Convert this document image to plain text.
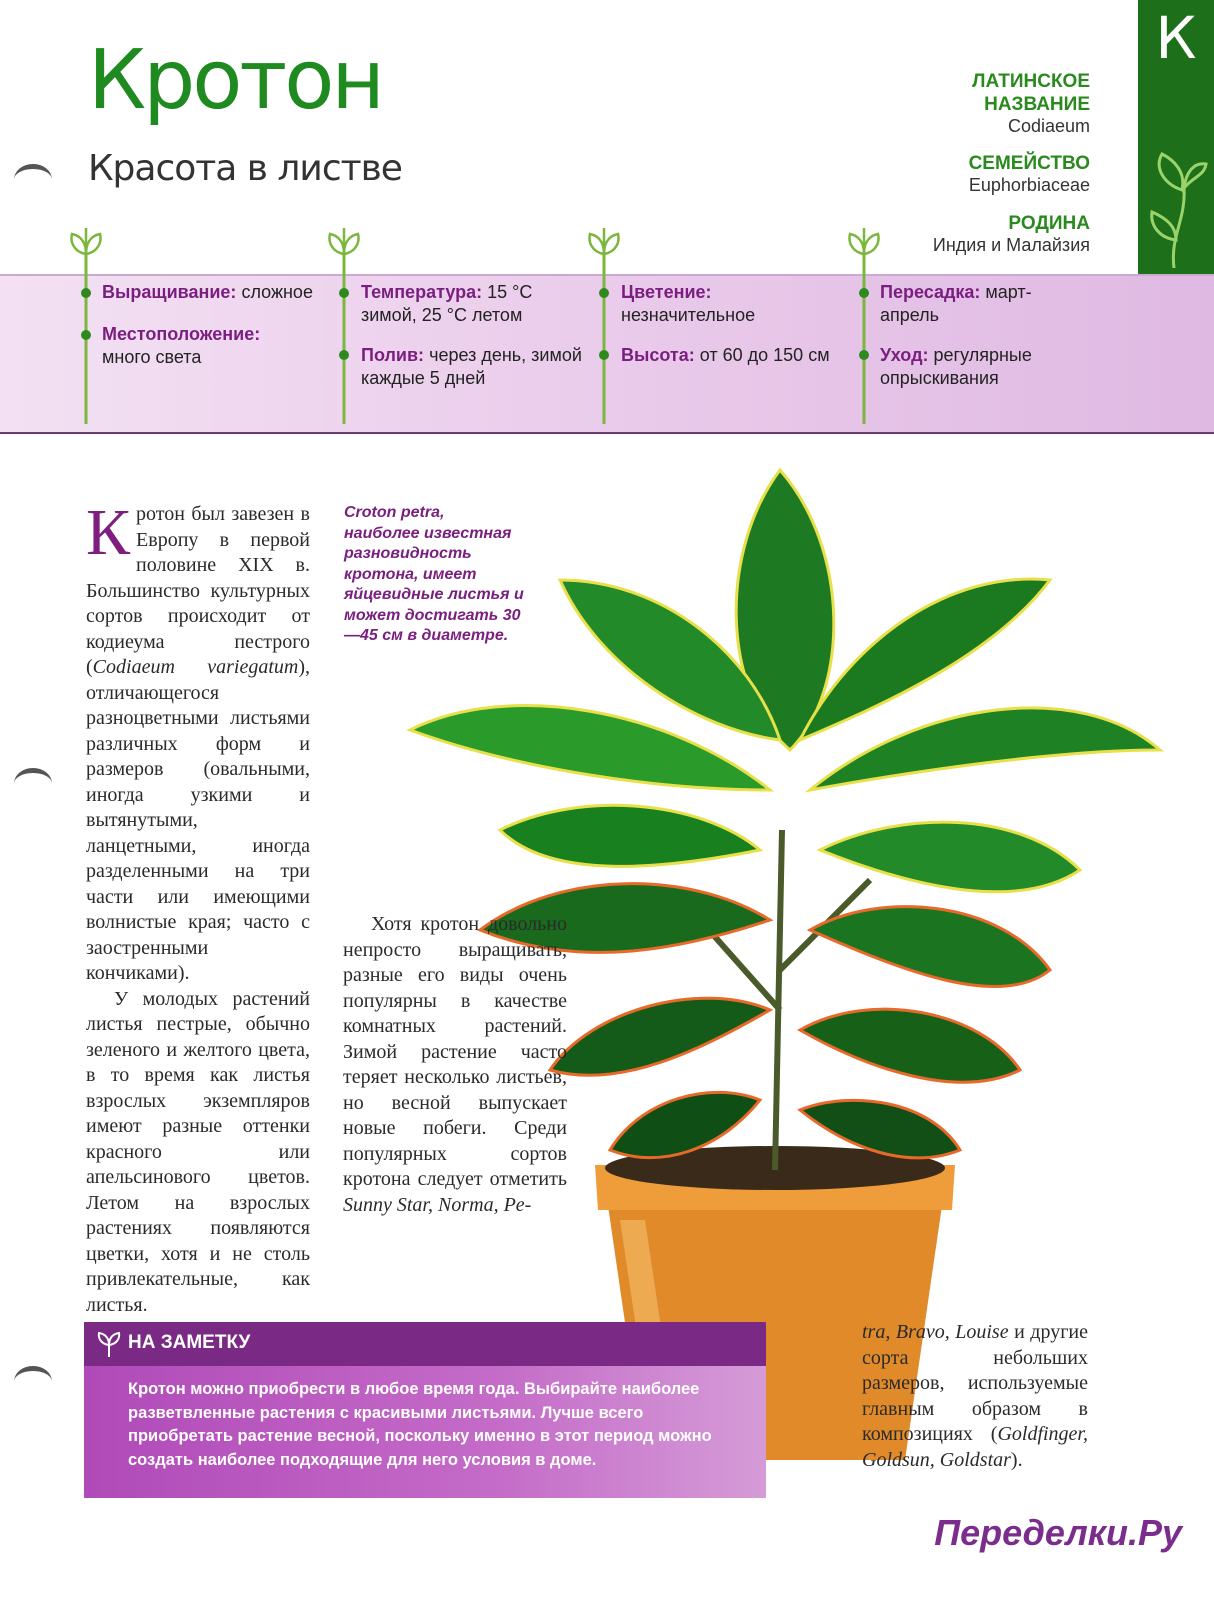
Кротон
Красота в листве
ЛАТИНСКОЕ
НАЗВАНИЕ
Codiaeum
СЕМЕЙСТВО
Euphorbiaceae
РОДИНА
Индия и Малайзия
К
Выращивание: сложное
Местоположение:
много света
Температура: 15 °C
зимой, 25 °C летом
Полив: через день, зимой
каждые 5 дней
Цветение:
незначительное
Высота: от 60 до 150 см
Пересадка: март-
апрель
Уход: регулярные
опрыскивания
Croton petra, наиболее известная разновидность кротона, имеет яйцевидные листья и может достигать 30—45 см в диаметре.

Кротон был завезен в Европу в первой половине XIX в. Большинство культурных сортов происходит от кодиеума пестрого (Codiaeum variegatum), отличающегося разноцветными листьями различных форм и размеров (овальными, иногда узкими и вытянутыми, ланцетными, иногда разделенными на три части или имеющими волнистые края; часто с заостренными кончиками).

У молодых растений листья пестрые, обычно зеленого и желтого цвета, в то время как листья взрослых экземпляров имеют разные оттенки красного или апельсинового цветов. Летом на взрослых растениях появляются цветки, хотя и не столь привлекательные, как листья.

Хотя кротон довольно непросто выращивать, разные его виды очень популярны в качестве комнатных растений. Зимой растение часто теряет несколько листьев, но весной выпускает новые побеги. Среди популярных сортов кротона следует отметить Sunny Star, Norma, Pe-

tra, Bravo, Louise и другие сорта небольших размеров, используемые главным образом в композициях (Goldfinger, Goldsun, Goldstar).

НА ЗАМЕТКУ
Кротон можно приобрести в любое время года. Выбирайте наиболее разветвленные растения с красивыми листьями. Лучше всего приобретать растение весной, поскольку именно в этот период можно создать наиболее подходящие для него условия в доме.
Переделки.Ру
